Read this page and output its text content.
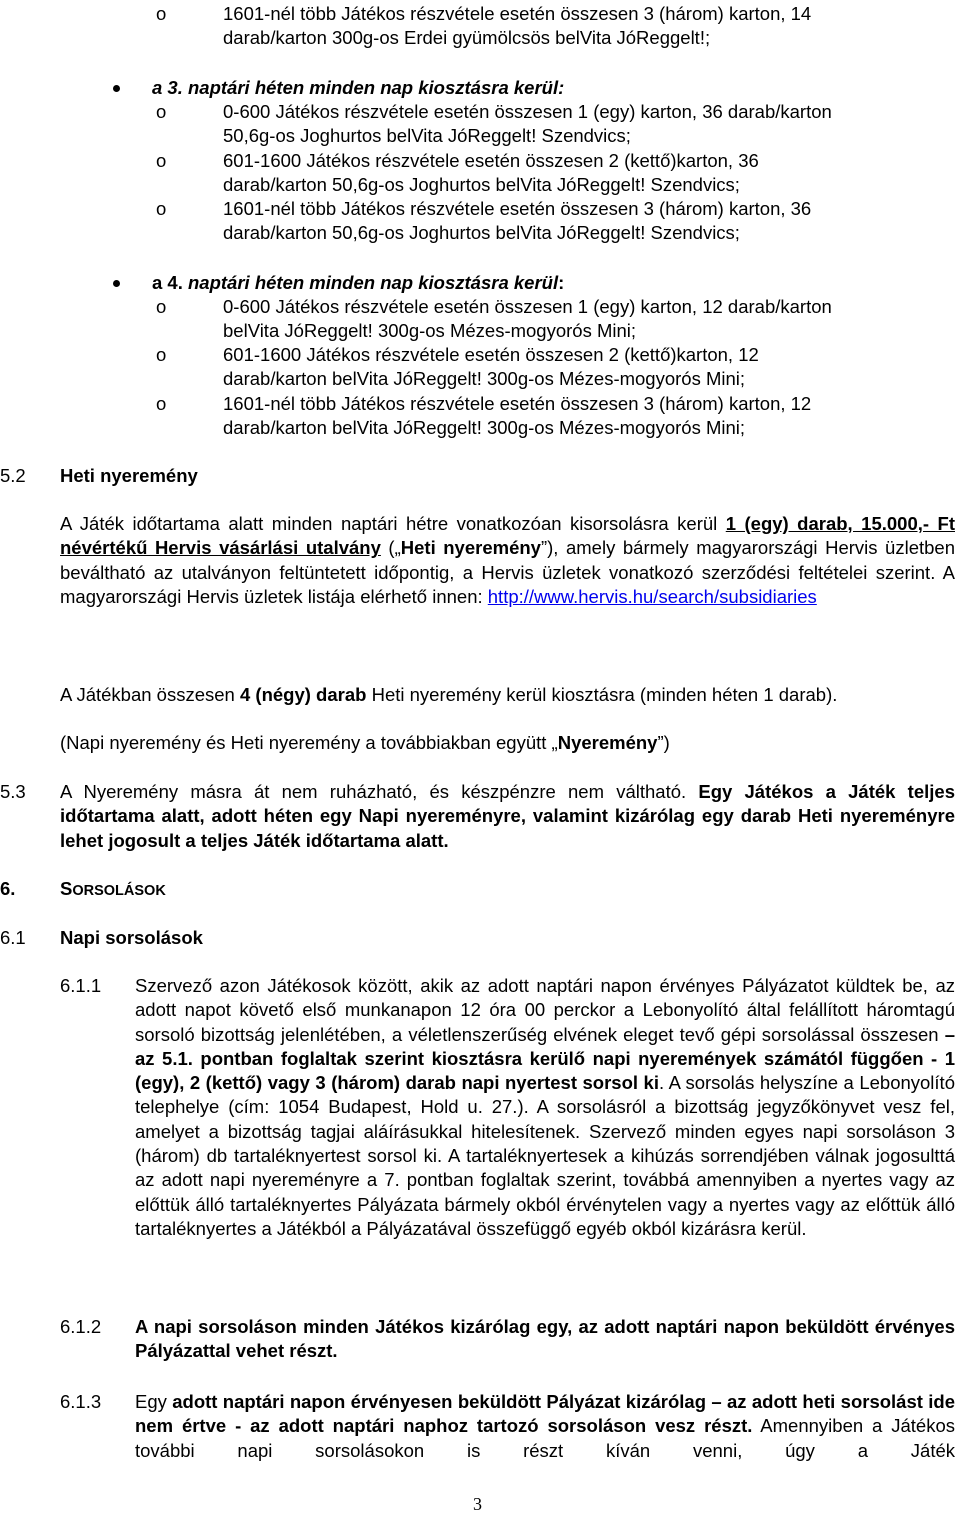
o	1601-nél több Játékos részvétele esetén összesen 3 (három) karton, 14
darab/karton 300g-os Erdei gyümölcsös belVita JóReggelt!;
a 3. naptári héten minden nap kiosztásra kerül:
o	0-600 Játékos részvétele esetén összesen 1 (egy) karton, 36 darab/karton
50,6g-os Joghurtos belVita JóReggelt! Szendvics;
o	601-1600 Játékos részvétele esetén összesen 2 (kettő)karton, 36
darab/karton 50,6g-os Joghurtos belVita JóReggelt! Szendvics;
o	1601-nél több Játékos részvétele esetén összesen 3 (három) karton, 36
darab/karton 50,6g-os Joghurtos belVita JóReggelt! Szendvics;
a 4. naptári héten minden nap kiosztásra kerül:
o	0-600 Játékos részvétele esetén összesen 1 (egy) karton, 12 darab/karton
belVita JóReggelt! 300g-os Mézes-mogyorós Mini;
o	601-1600 Játékos részvétele esetén összesen 2 (kettő)karton, 12
darab/karton belVita JóReggelt! 300g-os Mézes-mogyorós Mini;
o	1601-nél több Játékos részvétele esetén összesen 3 (három) karton, 12
darab/karton belVita JóReggelt! 300g-os Mézes-mogyorós Mini;
5.2 Heti nyeremény
A Játék időtartama alatt minden naptári hétre vonatkozóan kisorsolásra kerül 1 (egy) darab, 15.000,- Ft névértékű Hervis vásárlási utalvány („Heti nyeremény”), amely bármely magyarországi Hervis üzletben beváltható az utalványon feltüntetett időpontig, a Hervis üzletek vonatkozó szerződési feltételei szerint. A magyarországi Hervis üzletek listája elérhető innen: http://www.hervis.hu/search/subsidiaries
A Játékban összesen 4 (négy) darab Heti nyeremény kerül kiosztásra (minden héten 1 darab).
(Napi nyeremény és Heti nyeremény a továbbiakban együtt „Nyeremény”)
5.3 A Nyeremény másra át nem ruházható, és készpénzre nem váltható. Egy Játékos a Játék teljes időtartama alatt, adott héten egy Napi nyereményre, valamint kizárólag egy darab Heti nyereményre lehet jogosult a teljes Játék időtartama alatt.
6. SORSOLÁSOK
6.1 Napi sorsolások
6.1.1 Szervező azon Játékosok között, akik az adott naptári napon érvényes Pályázatot küldtek be, az adott napot követő első munkanapon 12 óra 00 perckor a Lebonyolító által felállított háromtagú sorsoló bizottság jelenlétében, a véletlenszerűség elvének eleget tevő gépi sorsolással összesen – az 5.1. pontban foglaltak szerint kiosztásra kerülő napi nyeremények számától függően - 1 (egy), 2 (kettő) vagy 3 (három) darab napi nyertest sorsol ki. A sorsolás helyszíne a Lebonyolító telephelye (cím: 1054 Budapest, Hold u. 27.). A sorsolásról a bizottság jegyzőkönyvet vesz fel, amelyet a bizottság tagjai aláírásukkal hitelesítenek. Szervező minden egyes napi sorsoláson 3 (három) db tartaléknyertest sorsol ki. A tartaléknyertesek a kihúzás sorrendjében válnak jogosulttá az adott napi nyereményre a 7. pontban foglaltak szerint, továbbá amennyiben a nyertes vagy az előttük álló tartaléknyertes Pályázata bármely okból érvénytelen vagy a nyertes vagy az előttük álló tartaléknyertes a Játékból a Pályázatával összefüggő egyéb okból kizárásra kerül.
6.1.2 A napi sorsoláson minden Játékos kizárólag egy, az adott naptári napon beküldött érvényes Pályázattal vehet részt.
6.1.3 Egy adott naptári napon érvényesen beküldött Pályázat kizárólag – az adott heti sorsolást ide nem értve - az adott naptári naphoz tartozó sorsoláson vesz részt. Amennyiben a Játékos további napi sorsolásokon is részt kíván venni, úgy a Játék
3
